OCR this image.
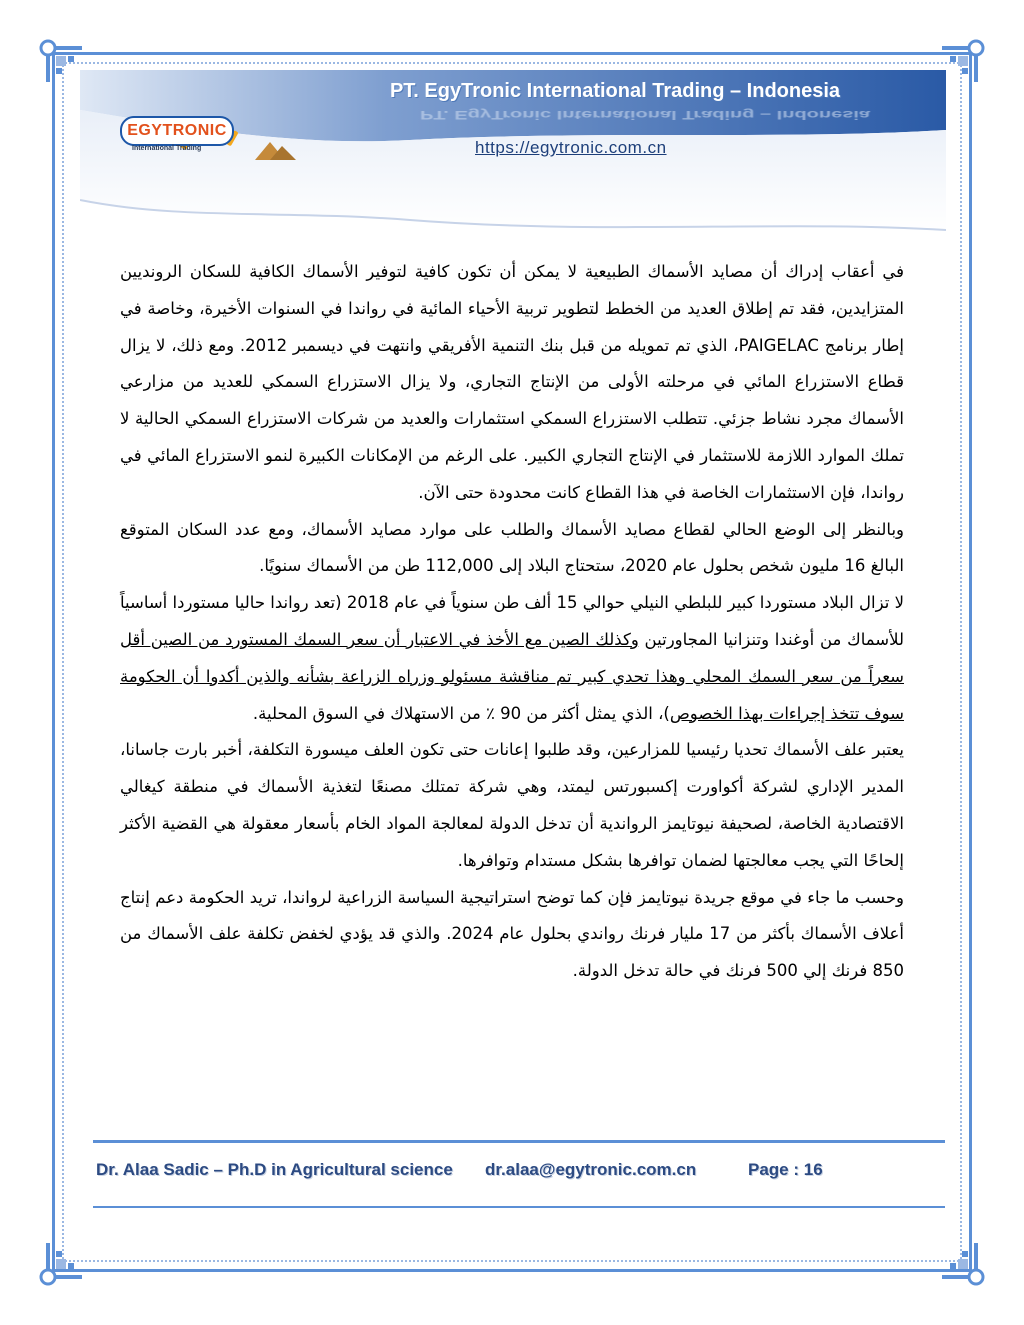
EGYTRONIC
International Trading
PT. EgyTronic International Trading – Indonesia
PT. EgyTronic International Trading – Indonesia
https://egytronic.com.cn

في أعقاب إدراك أن مصايد الأسماك الطبيعية لا يمكن أن تكون كافية لتوفير الأسماك الكافية للسكان الرونديين المتزايدين، فقد تم إطلاق العديد من الخطط لتطوير تربية الأحياء المائية في رواندا في السنوات الأخيرة، وخاصة في إطار برنامج PAIGELAC، الذي تم تمويله من قبل بنك التنمية الأفريقي وانتهت في ديسمبر 2012. ومع ذلك، لا يزال قطاع الاستزراع المائي في مرحلته الأولى من الإنتاج التجاري، ولا يزال الاستزراع السمكي للعديد من مزارعي الأسماك مجرد نشاط جزئي. تتطلب الاستزراع السمكي استثمارات والعديد من شركات الاستزراع السمكي الحالية لا تملك الموارد اللازمة للاستثمار في الإنتاج التجاري الكبير. على الرغم من الإمكانات الكبيرة لنمو الاستزراع المائي في رواندا، فإن الاستثمارات الخاصة في هذا القطاع كانت محدودة حتى الآن.

وبالنظر إلى الوضع الحالي لقطاع مصايد الأسماك والطلب على موارد مصايد الأسماك، ومع عدد السكان المتوقع البالغ 16 مليون شخص بحلول عام 2020، ستحتاج البلاد إلى 112,000 طن من الأسماك سنويًا.

لا تزال البلاد مستوردا كبير للبلطي النيلي حوالي 15 ألف طن سنوياً في عام 2018 (تعد رواندا حاليا مستوردا أساسياً للأسماك من أوغندا وتنزانيا المجاورتين وكذلك الصين مع الأخذ في الاعتبار أن سعر السمك المستورد من الصين أقل سعراً من سعر السمك المحلي وهذا تحدي كبير تم مناقشة مسئولو وزراه الزراعة بشأنه والذين أكدوا أن الحكومة سوف تتخذ إجراءات بهذا الخصوص)، الذي يمثل أكثر من 90 ٪ من الاستهلاك في السوق المحلية.

يعتبر علف الأسماك تحديا رئيسيا للمزارعين، وقد طلبوا إعانات حتى تكون العلف ميسورة التكلفة، أخبر بارت جاسانا، المدير الإداري لشركة أكواورت إكسبورتس ليمتد، وهي شركة تمتلك مصنعًا لتغذية الأسماك في منطقة كيغالي الاقتصادية الخاصة، لصحيفة نيوتايمز الرواندية أن تدخل الدولة لمعالجة المواد الخام بأسعار معقولة هي القضية الأكثر إلحاحًا التي يجب معالجتها لضمان توافرها بشكل مستدام وتوافرها.

وحسب ما جاء في موقع جريدة نيوتايمز فإن كما توضح استراتيجية السياسة الزراعية لرواندا، تريد الحكومة دعم إنتاج أعلاف الأسماك بأكثر من 17 مليار فرنك رواندي بحلول عام 2024. والذي قد يؤدي لخفض تكلفة علف الأسماك من 850 فرنك إلي 500 فرنك في حالة تدخل الدولة.

Dr. Alaa Sadic – Ph.D in Agricultural science dr.alaa@egytronic.com.cn	Page : 16
